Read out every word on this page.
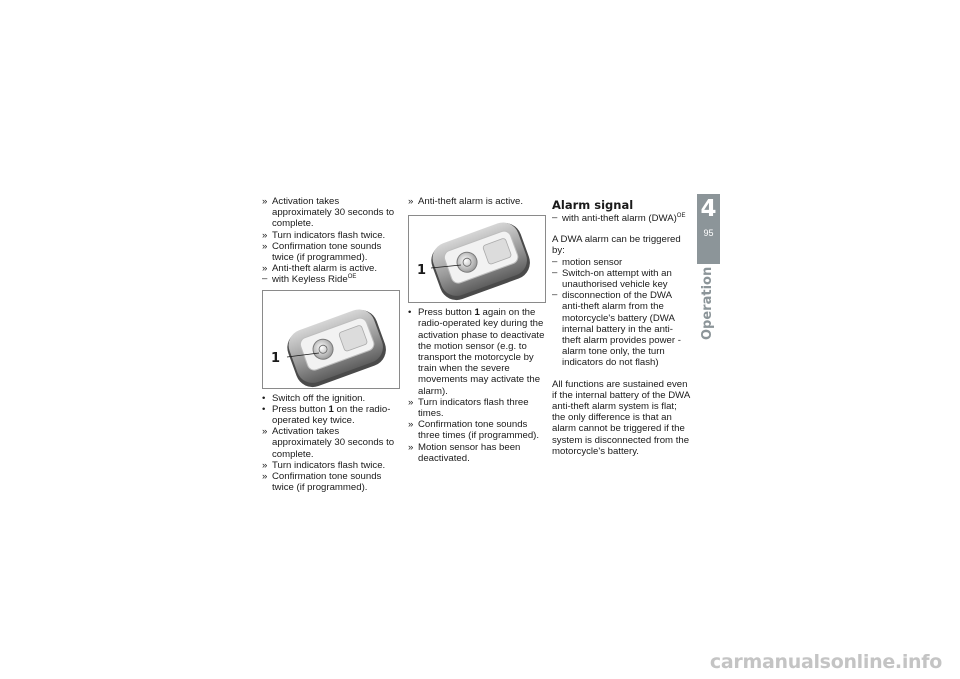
» Activation takes approximately 30 seconds to complete.
» Turn indicators flash twice.
» Confirmation tone sounds twice (if programmed).
» Anti-theft alarm is active.
– with Keyless Ride$^{OE}$
1
• Switch off the ignition.
• Press button 1 on the radio-operated key twice.
» Activation takes approximately 30 seconds to complete.
» Turn indicators flash twice.
» Confirmation tone sounds twice (if programmed).
» Anti-theft alarm is active.
1
• Press button 1 again on the radio-operated key during the activation phase to deactivate the motion sensor (e.g. to transport the motorcycle by train when the severe movements may activate the alarm).
» Turn indicators flash three times.
» Confirmation tone sounds three times (if programmed).
» Motion sensor has been deactivated.
Alarm signal
– with anti-theft alarm (DWA)$^{OE}$
A DWA alarm can be triggered by:
– motion sensor
– Switch-on attempt with an unauthorised vehicle key
– disconnection of the DWA anti-theft alarm from the motorcycle's battery (DWA internal battery in the anti-theft alarm provides power - alarm tone only, the turn indicators do not flash)
All functions are sustained even if the internal battery of the DWA anti-theft alarm system is flat; the only difference is that an alarm cannot be triggered if the system is disconnected from the motorcycle's battery.
4
95
Operation
carmanualsonline.info
